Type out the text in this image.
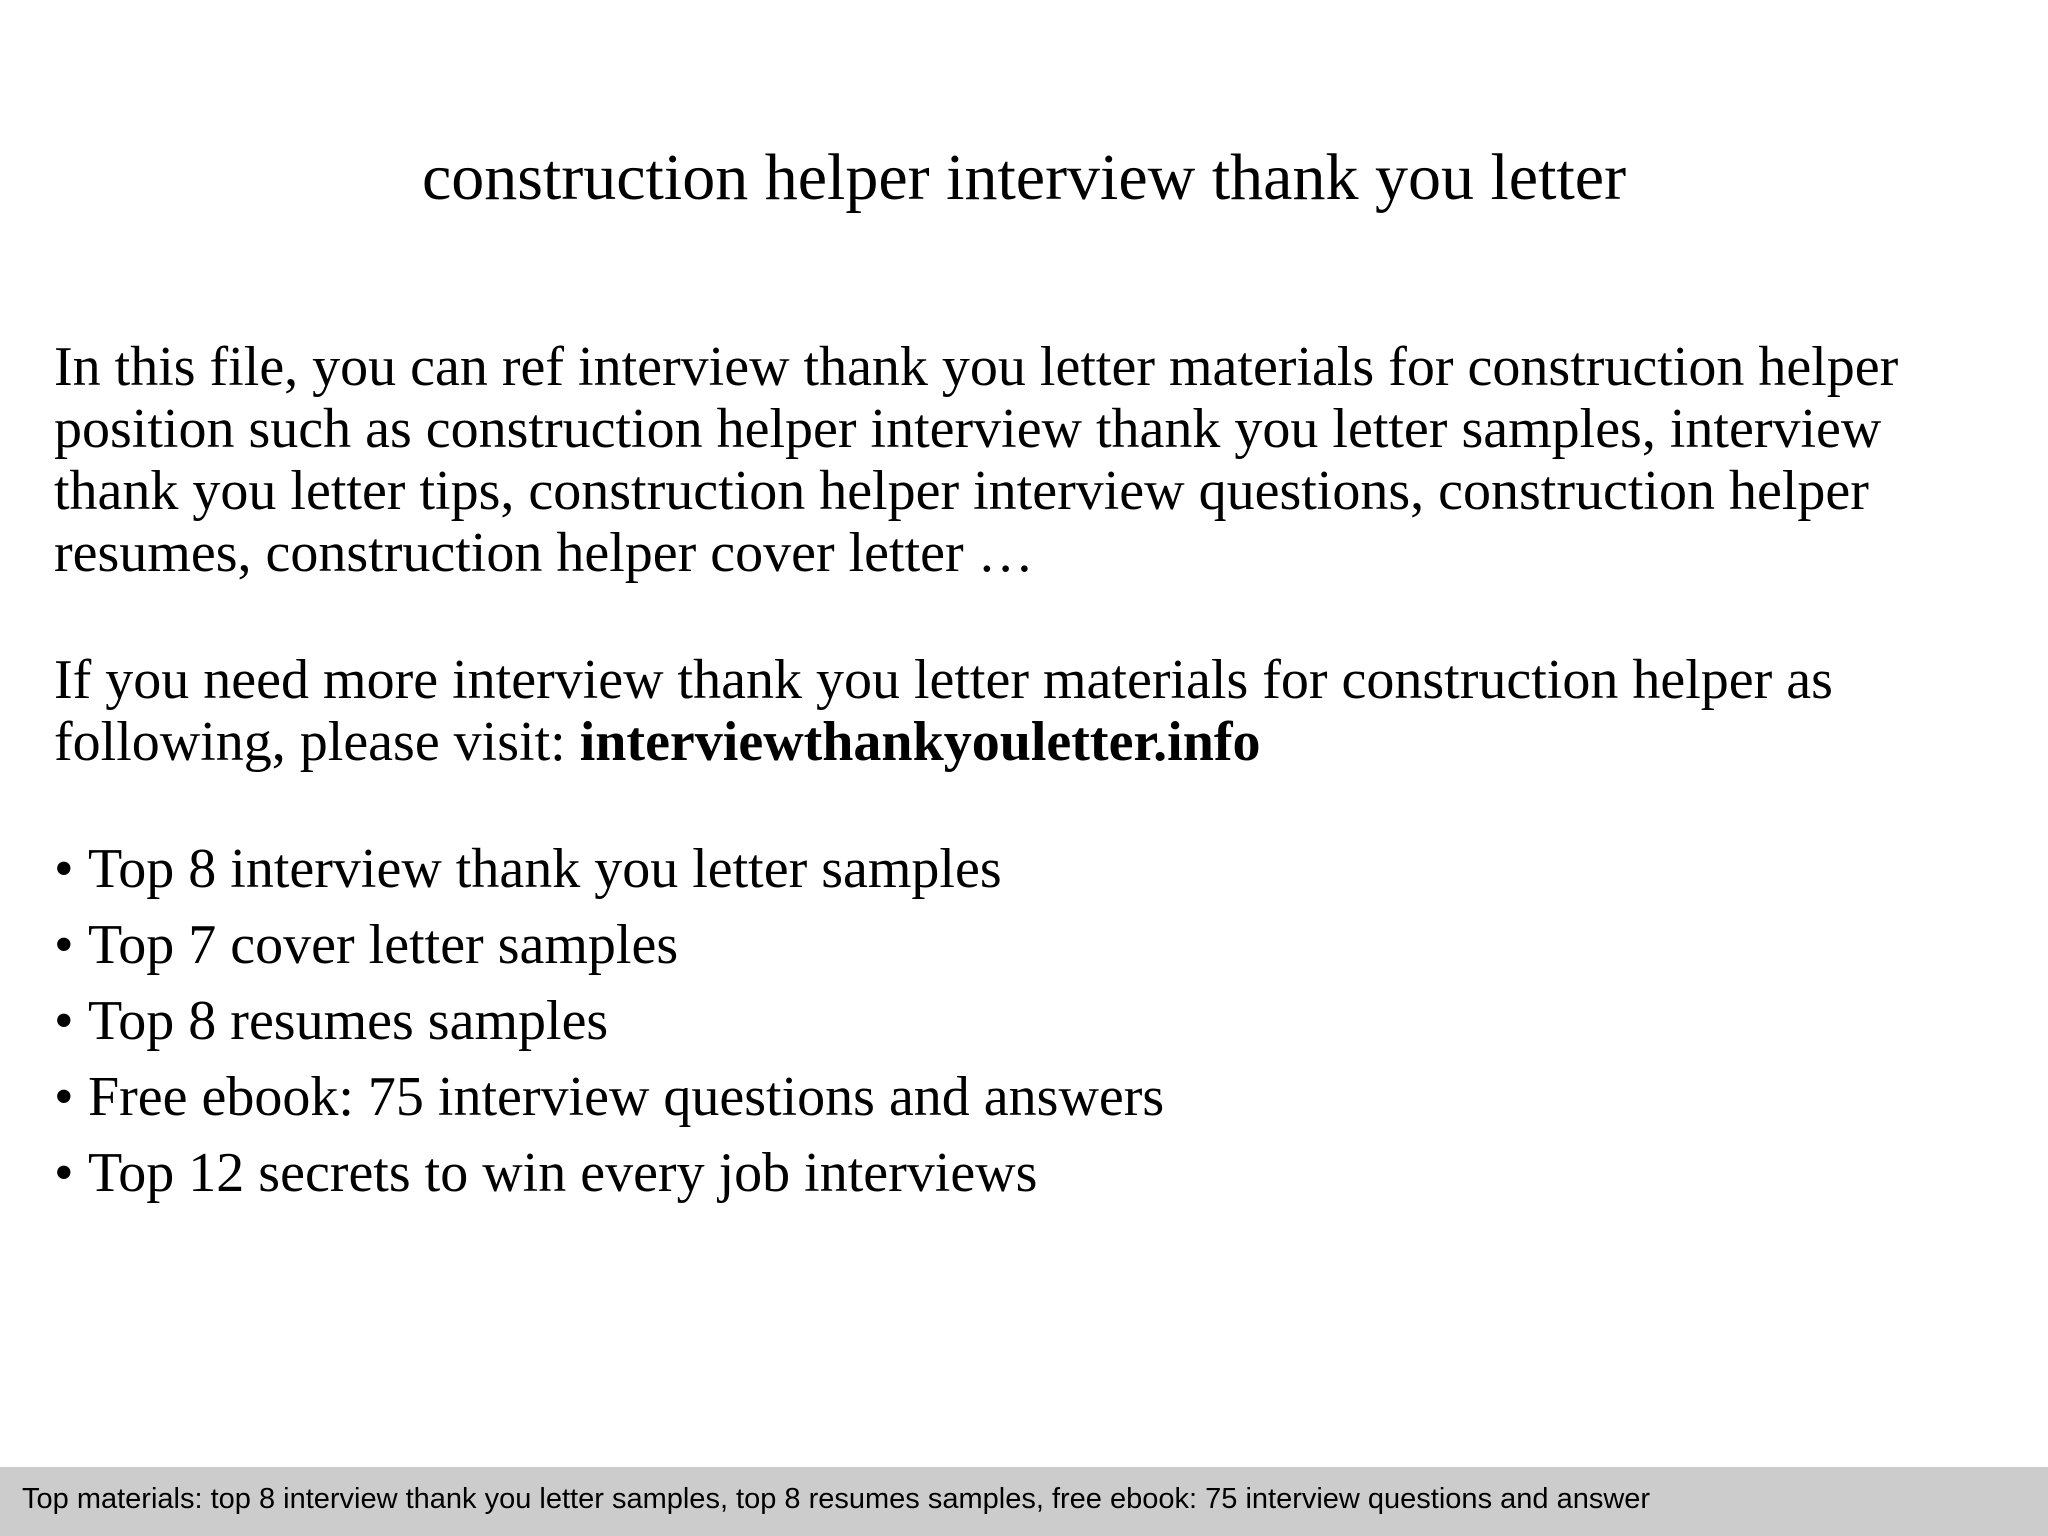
construction helper interview thank you letter

In this file, you can ref interview thank you letter materials for construction helper position such as construction helper interview thank you letter samples, interview thank you letter tips, construction helper interview questions, construction helper resumes, construction helper cover letter …

If you need more interview thank you letter materials for construction helper as following, please visit: interviewthankyouletter.info

• Top 8 interview thank you letter samples
• Top 7 cover letter samples
• Top 8 resumes samples
• Free ebook: 75 interview questions and answers
• Top 12 secrets to win every job interviews
Top materials: top 8 interview thank you letter samples, top 8 resumes samples, free ebook: 75 interview questions and answer
